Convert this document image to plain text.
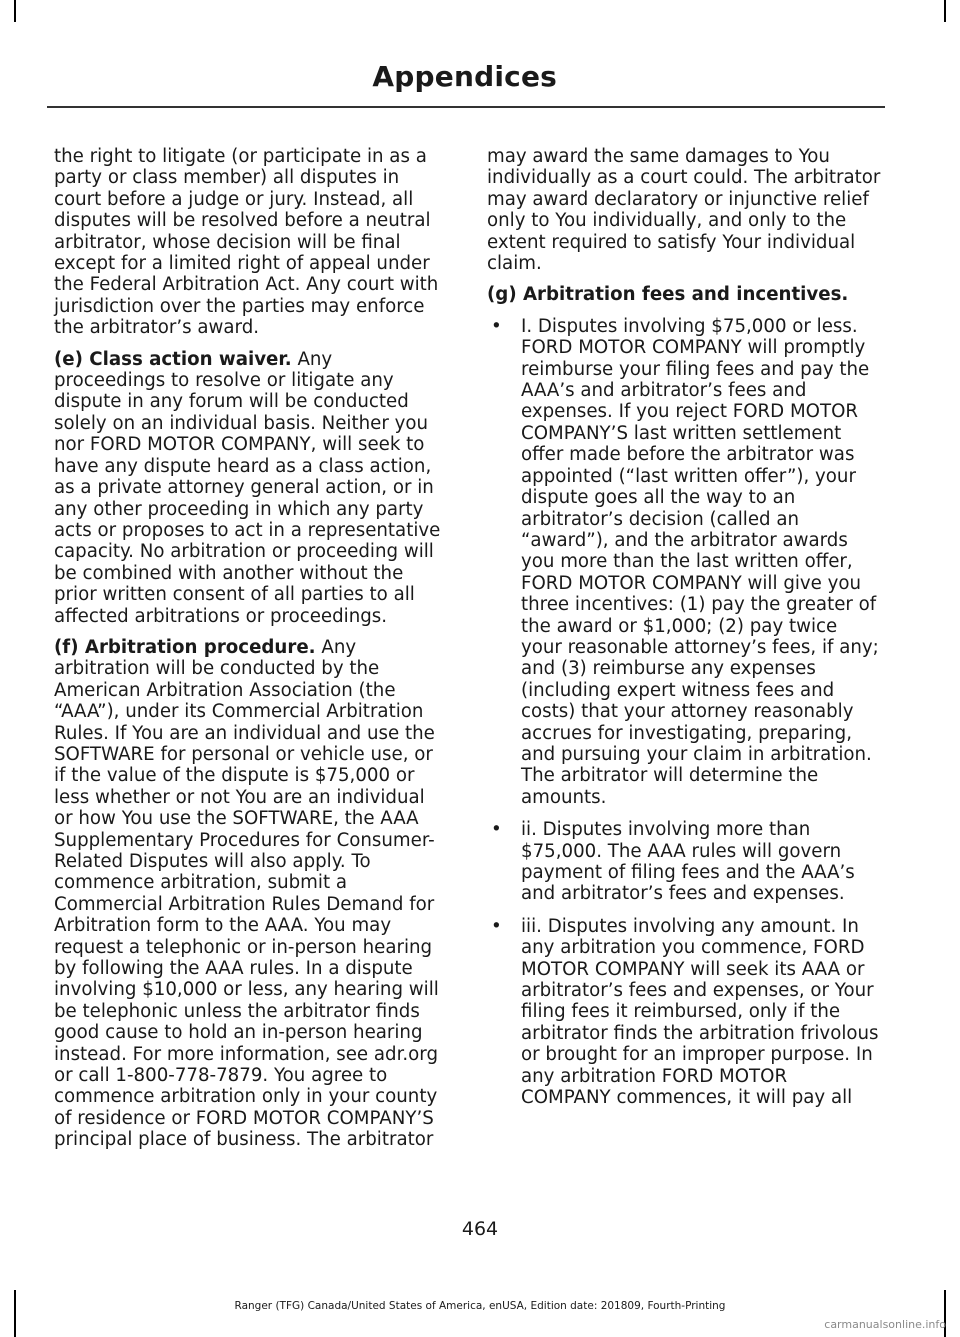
Appendices

the right to litigate (or participate in as a party or class member) all disputes in court before a judge or jury. Instead, all disputes will be resolved before a neutral arbitrator, whose decision will be final except for a limited right of appeal under the Federal Arbitration Act. Any court with jurisdiction over the parties may enforce the arbitrator’s award.

(e) Class action waiver. Any proceedings to resolve or litigate any dispute in any forum will be conducted solely on an individual basis. Neither you nor FORD MOTOR COMPANY, will seek to have any dispute heard as a class action, as a private attorney general action, or in any other proceeding in which any party acts or proposes to act in a representative capacity. No arbitration or proceeding will be combined with another without the prior written consent of all parties to all affected arbitrations or proceedings.

(f) Arbitration procedure. Any arbitration will be conducted by the American Arbitration Association (the “AAA”), under its Commercial Arbitration Rules. If You are an individual and use the SOFTWARE for personal or vehicle use, or if the value of the dispute is $75,000 or less whether or not You are an individual or how You use the SOFTWARE, the AAA Supplementary Procedures for Consumer-Related Disputes will also apply. To commence arbitration, submit a Commercial Arbitration Rules Demand for Arbitration form to the AAA. You may request a telephonic or in-person hearing by following the AAA rules. In a dispute involving $10,000 or less, any hearing will be telephonic unless the arbitrator finds good cause to hold an in-person hearing instead. For more information, see adr.org or call 1-800-778-7879. You agree to commence arbitration only in your county of residence or FORD MOTOR COMPANY’S principal place of business. The arbitrator

may award the same damages to You individually as a court could. The arbitrator may award declaratory or injunctive relief only to You individually, and only to the extent required to satisfy Your individual claim.

(g) Arbitration fees and incentives.

• I. Disputes involving $75,000 or less. FORD MOTOR COMPANY will promptly reimburse your filing fees and pay the AAA’s and arbitrator’s fees and expenses. If you reject FORD MOTOR COMPANY’S last written settlement offer made before the arbitrator was appointed (“last written offer”), your dispute goes all the way to an arbitrator’s decision (called an “award”), and the arbitrator awards you more than the last written offer, FORD MOTOR COMPANY will give you three incentives: (1) pay the greater of the award or $1,000; (2) pay twice your reasonable attorney’s fees, if any; and (3) reimburse any expenses (including expert witness fees and costs) that your attorney reasonably accrues for investigating, preparing, and pursuing your claim in arbitration. The arbitrator will determine the amounts.
• ii. Disputes involving more than $75,000. The AAA rules will govern payment of filing fees and the AAA’s and arbitrator’s fees and expenses.
• iii. Disputes involving any amount. In any arbitration you commence, FORD MOTOR COMPANY will seek its AAA or arbitrator’s fees and expenses, or Your filing fees it reimbursed, only if the arbitrator finds the arbitration frivolous or brought for an improper purpose. In any arbitration FORD MOTOR COMPANY commences, it will pay all
464
Ranger (TFG) Canada/United States of America, enUSA, Edition date: 201809, Fourth-Printing
carmanualsonline.info
